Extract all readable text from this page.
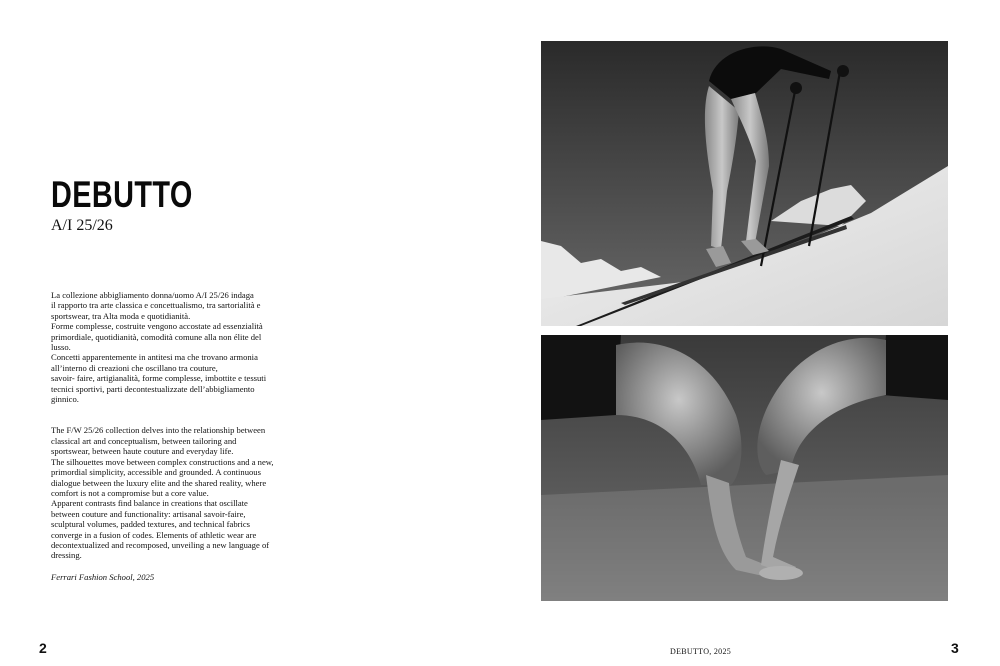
DEBUTTO
A/I 25/26

La collezione abbigliamento donna/uomo A/I 25/26 indaga

il rapporto tra arte classica e concettualismo, tra sartorialità e

sportswear, tra Alta moda e quotidianità.

Forme complesse, costruite vengono accostate ad essenzialità

primordiale, quotidianità, comodità comune alla non élite del

lusso.

Concetti apparentemente in antitesi ma che trovano armonia

all’interno di creazioni che oscillano tra couture,

savoir- faire, artigianalità, forme complesse, imbottite e tessuti

tecnici sportivi, parti decontestualizzate dell’abbigliamento

ginnico.

The F/W 25/26 collection delves into the relationship between

classical art and conceptualism, between tailoring and

sportswear, between haute couture and everyday life.

The silhouettes move between complex constructions and a new,

primordial simplicity, accessible and grounded. A continuous

dialogue between the luxury elite and the shared reality, where

comfort is not a compromise but a core value.

Apparent contrasts find balance in creations that oscillate

between couture and functionality: artisanal savoir-faire,

sculptural volumes, padded textures, and technical fabrics

converge in a fusion of codes. Elements of athletic wear are

decontextualized and recomposed, unveiling a new language of

dressing.

Ferrari Fashion School, 2025

2	DEBUTTO, 2025	3
